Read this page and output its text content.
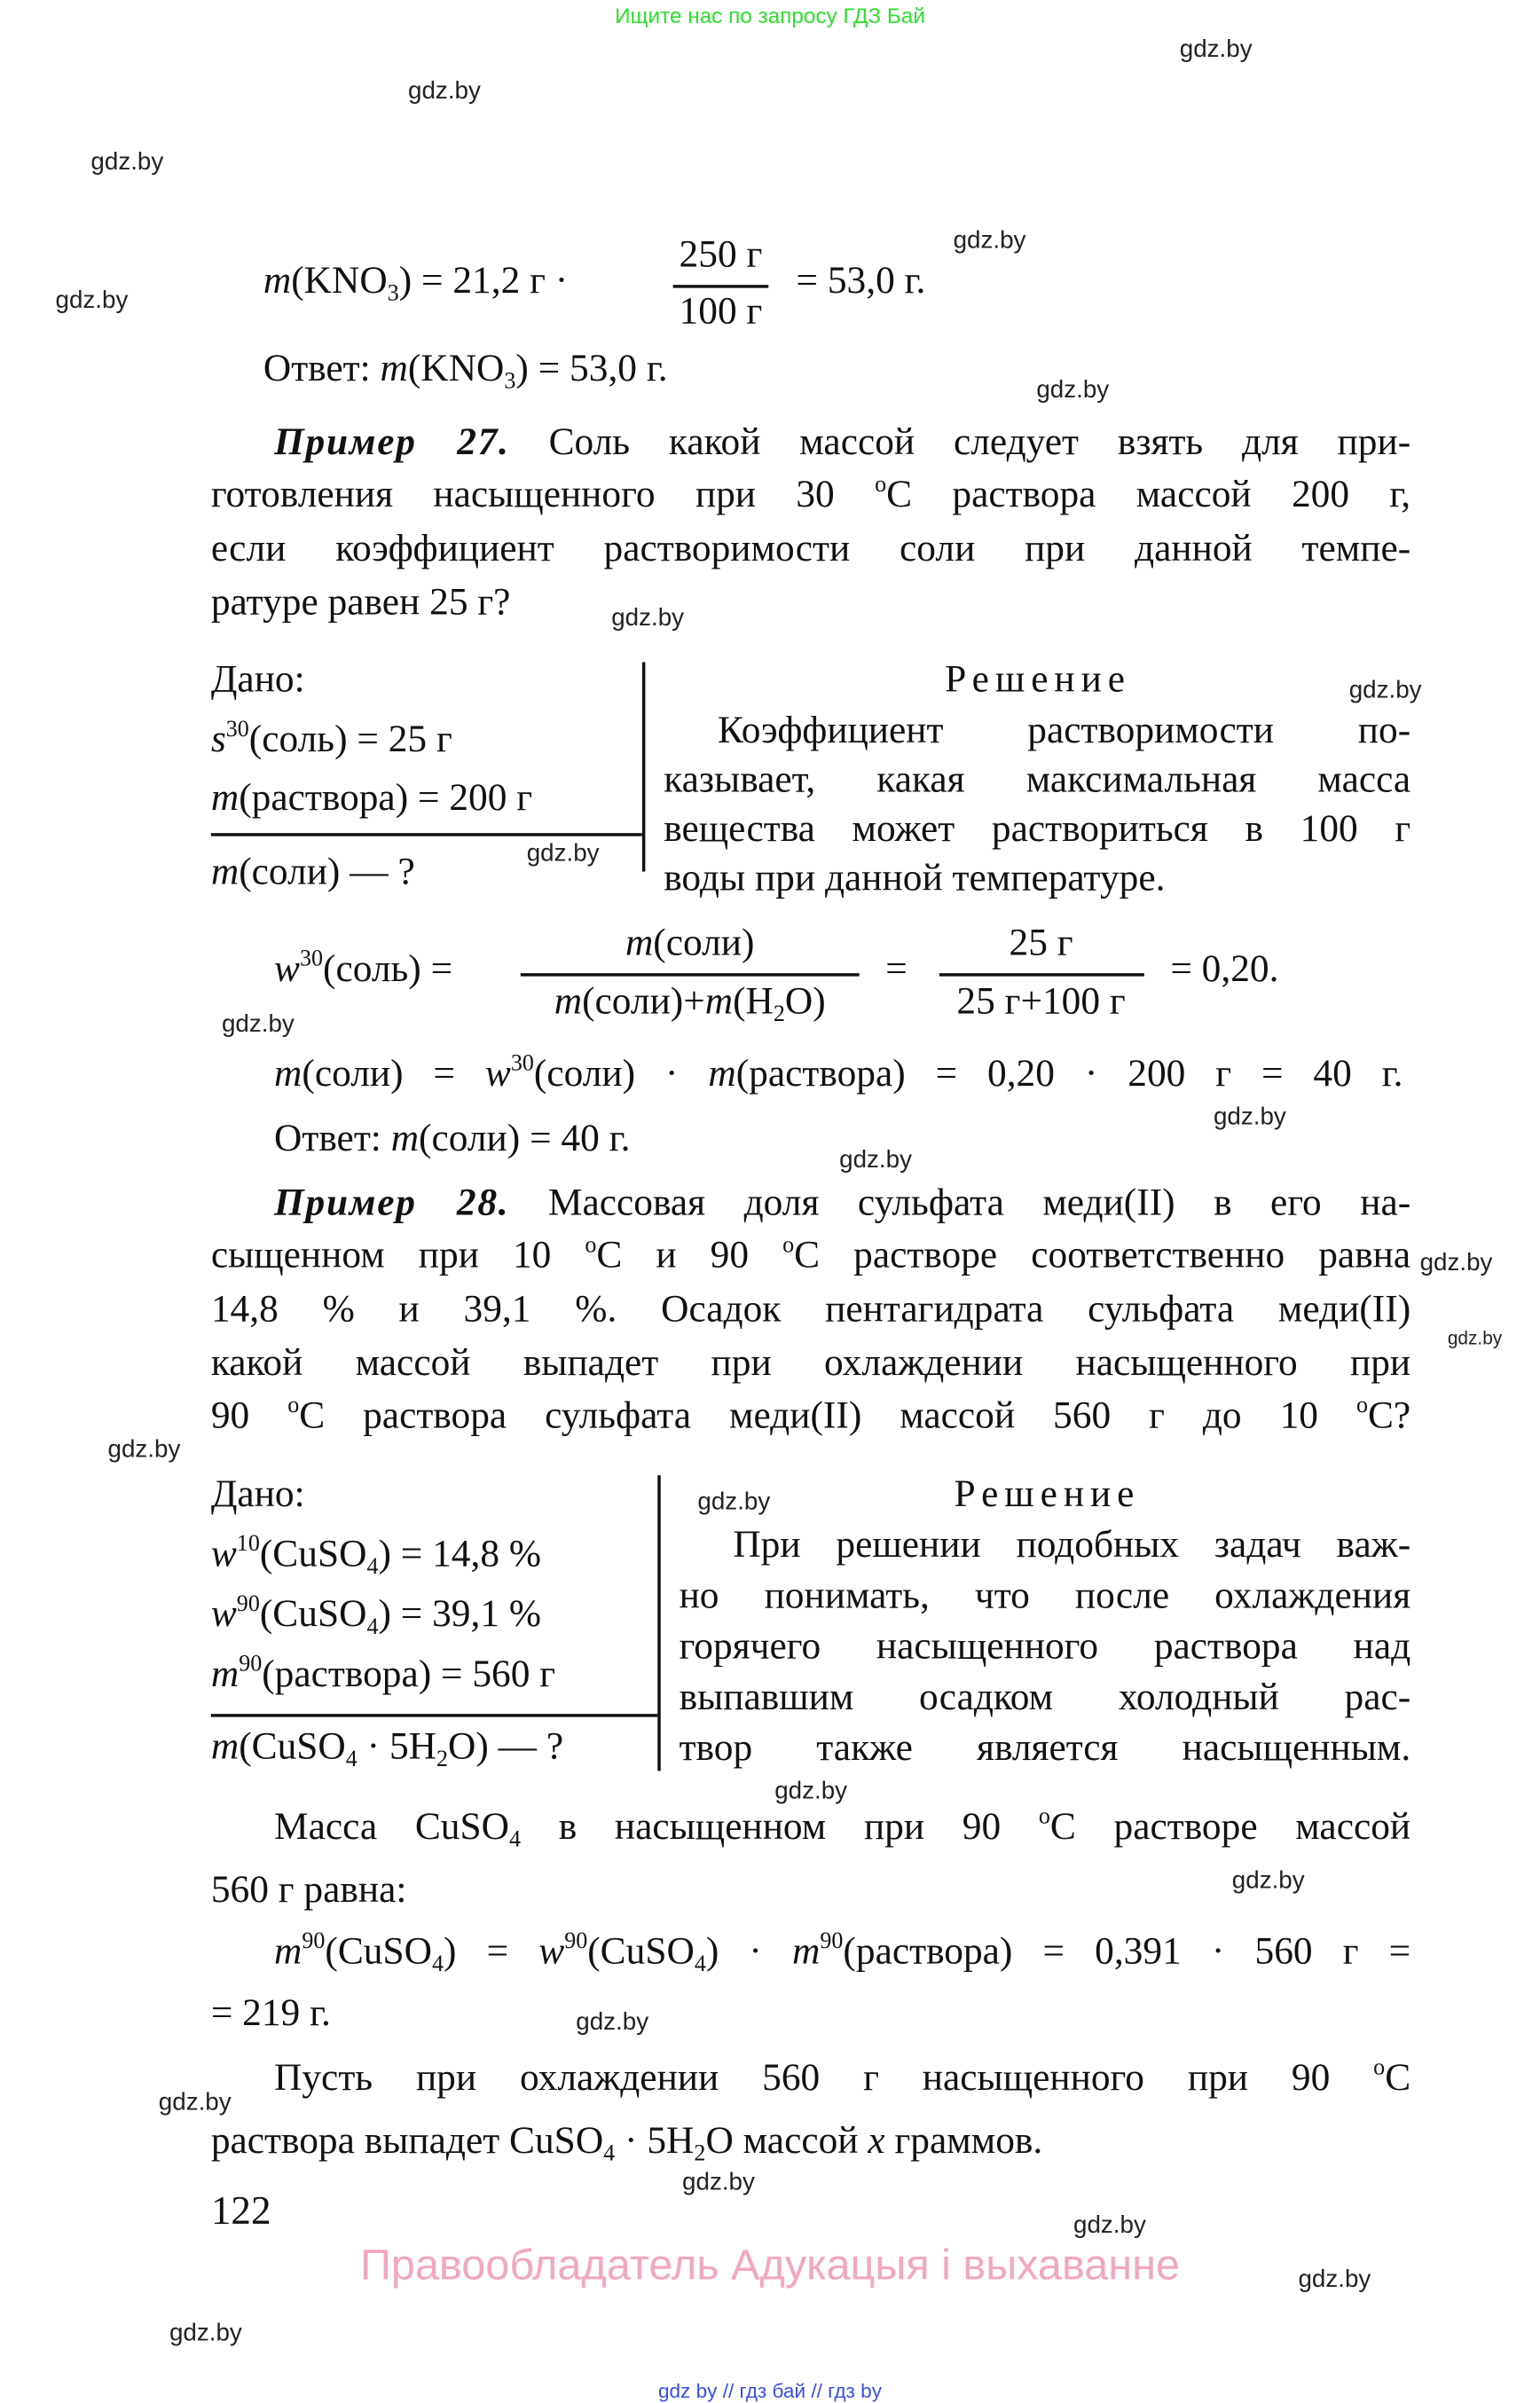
Ищите нас по запросу ГДЗ Бай
$m(KNO_3) = 21,2$ г ·
250 г
100 г
= 53,0 г.
Ответ: $m(KNO_3) = 53,0$ г.
Пример 27. Соль какой массой следует взять для при-
готовления насыщенного при 30 $^o$С раствора массой 200 г,
если коэффициент растворимости соли при данной темпе-
ратуре равен 25 г?
Дано:
$s^{30}(соль) = 25$ г
m(раствора) = 200 г
m(соли) — ?
Решение
Коэффициент растворимости по-
казывает, какая максимальная масса
вещества может раствориться в 100 г
воды при данной температуре.
$w^{30}(соль)$ =
m(соли)
$m(соли)+m(H_2O)$
=
25 г
25 г+100 г
= 0,20.
m(соли) = $w^{30}(соли)$ · m(раствора) = 0,20 · 200 г = 40 г.
Ответ: m(соли) = 40 г.
Пример 28. Массовая доля сульфата меди(II) в его на-
сыщенном при 10 $^o$С и 90 $^o$С растворе соответственно равна
14,8 % и 39,1 %. Осадок пентагидрата сульфата меди(II)
какой массой выпадет при охлаждении насыщенного при
90 $^o$С раствора сульфата меди(II) массой 560 г до 10 $^o$С?
Дано:
$w^{10}(CuSO_4) = 14,8$ %
$w^{90}(CuSO_4) = 39,1$ %
$m^{90}(раствора) = 560$ г
m(CuSO$_4$ · $5H_2O$) — ?
Решение
При решении подобных задач важ-
но понимать, что после охлаждения
горячего насыщенного раствора над
выпавшим осадком холодный рас-
твор также является насыщенным.
Масса CuSO$_4$ в насыщенном при 90 $^o$С растворе массой
560 г равна:
$m^{90}(CuSO_4)$ = $w^{90}(CuSO_4)$ · $m^{90}(раствора) = 0,391 \cdot 560$ г =
= 219 г.
Пусть при охлаждении 560 г насыщенного при 90 $^o$С
раствора выпадет CuSO$_4$ · $5H_2O$ массой x граммов.
gdz.by
gdz.by
gdz.by
gdz.by
gdz.by
gdz.by
gdz.by
gdz.by
gdz.by
gdz.by
gdz.by
gdz.by
gdz.by
gdz.by
gdz.by
gdz.by
gdz.by
gdz.by
gdz.by
gdz.by
gdz.by
gdz.by
gdz.by
gdz.by
122
Правообладатель Адукацыя і выхаванне
gdz by // гдз бай // гдз by
